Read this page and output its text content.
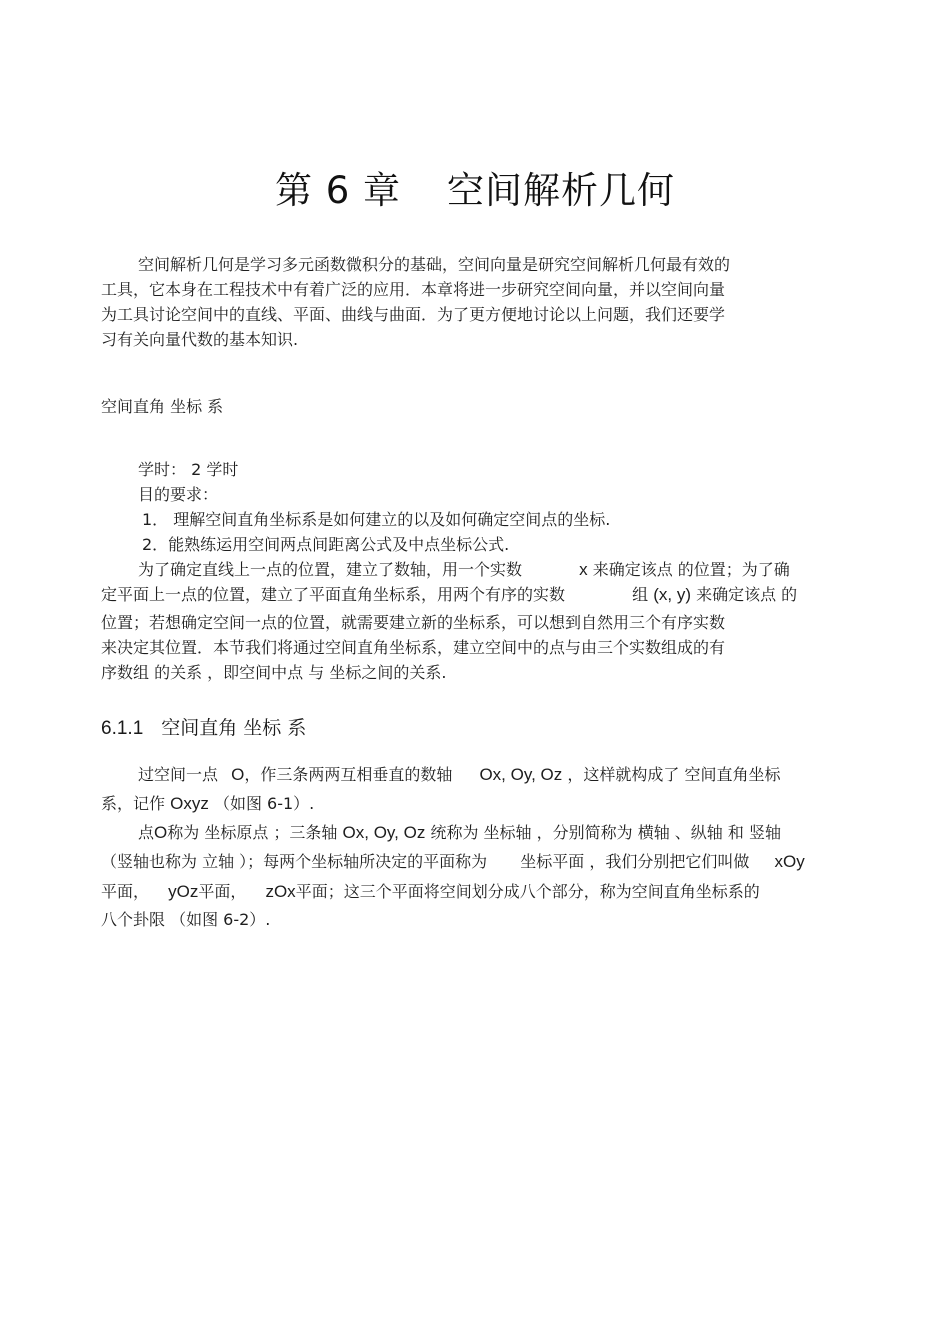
第 6 章 空间解析几何
空间解析几何是学习多元函数微积分的基础，空间向量是研究空间解析几何最有效的
工具，它本身在工程技术中有着广泛的应用．本章将进一步研究空间向量，并以空间向量
为工具讨论空间中的直线、平面、曲线与曲面．为了更方便地讨论以上问题，我们还要学
习有关向量代数的基本知识.
空间直角 坐标 系
学时： 2 学时
目的要求：
1． 理解空间直角坐标系是如何建立的以及如何确定空间点的坐标.
2．能熟练运用空间两点间距离公式及中点坐标公式.
为了确定直线上一点的位置，建立了数轴，用一个实数	x 来确定该点 的位置；为了确
定平面上一点的位置，建立了平面直角坐标系，用两个有序的实数	组 (x, y) 来确定该点 的
位置；若想确定空间一点的位置，就需要建立新的坐标系，可以想到自然用三个有序实数
来决定其位置．本节我们将通过空间直角坐标系，建立空间中的点与由三个实数组成的有
序数组 的关系 ，即空间中点 与 坐标之间的关系.
6.1.1 空间直角 坐标 系
过空间一点 O，作三条两两互相垂直的数轴 Ox, Oy, Oz ，这样就构成了 空间直角坐标
系，记作 Oxyz （如图 6-1）.
点O称为 坐标原点 ；三条轴 Ox, Oy, Oz 统称为 坐标轴 ，分别简称为 横轴 、纵轴 和 竖轴
（竖轴也称为 立轴 ）；每两个坐标轴所决定的平面称为 坐标平面 ，我们分别把它们叫做 xOy
平面， yOz平面， zOx平面；这三个平面将空间划分成八个部分，称为空间直角坐标系的
八个卦限 （如图 6-2）.
